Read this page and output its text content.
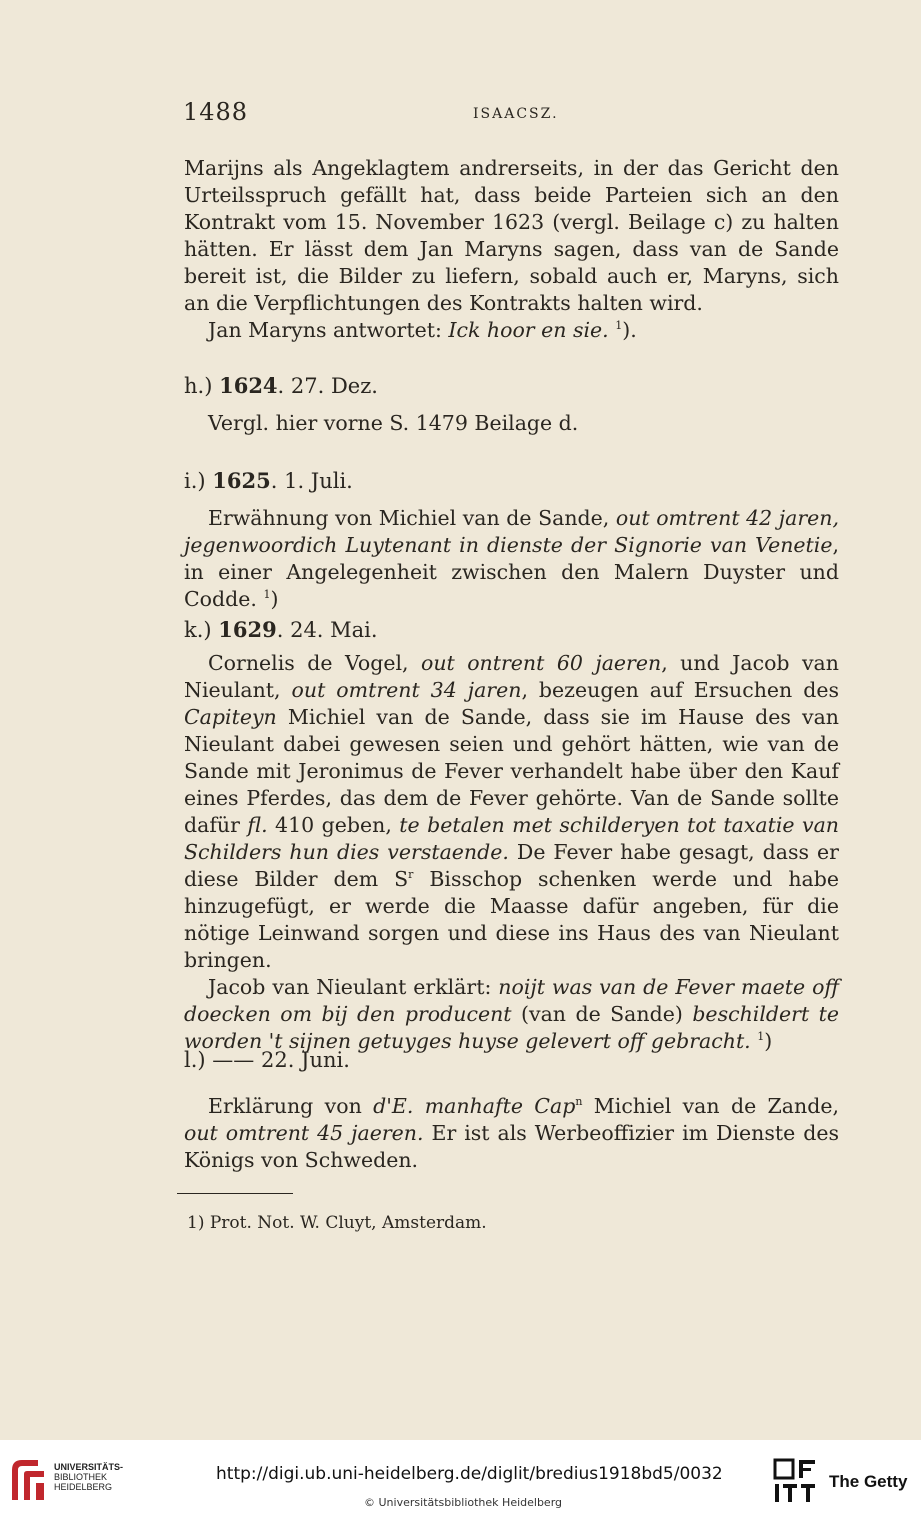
1488	ISAACSZ.

Marijns als Angeklagtem andrerseits, in der das Gericht den Urteilsspruch gefällt hat, dass beide Parteien sich an den Kontrakt vom 15. November 1623 (vergl. Beilage c) zu halten hätten. Er lässt dem Jan Maryns sagen, dass van de Sande bereit ist, die Bilder zu liefern, sobald auch er, Maryns, sich an die Verpflichtungen des Kontrakts halten wird.

Jan Maryns antwortet: Ick hoor en sie. $^1$).

h.) 1624. 27. Dez.

Vergl. hier vorne S. 1479 Beilage d.

i.) 1625. 1. Juli.

Erwähnung von Michiel van de Sande, out omtrent 42 jaren, jegenwoordich Luytenant in dienste der Signorie van Venetie, in einer Angelegenheit zwischen den Malern Duyster und Codde. $^1$)

k.) 1629. 24. Mai.

Cornelis de Vogel, out ontrent 60 jaeren, und Jacob van Nieulant, out omtrent 34 jaren, bezeugen auf Ersuchen des Capiteyn Michiel van de Sande, dass sie im Hause des van Nieulant dabei gewesen seien und gehört hätten, wie van de Sande mit Jeronimus de Fever verhandelt habe über den Kauf eines Pferdes, das dem de Fever gehörte. Van de Sande sollte dafür fl. 410 geben, te betalen met schilderyen tot taxatie van Schilders hun dies verstaende. De Fever habe gesagt, dass er diese Bilder dem $S^r$ Bisschop schenken werde und habe hinzugefügt, er werde die Maasse dafür angeben, für die nötige Leinwand sorgen und diese ins Haus des van Nieulant bringen.

Jacob van Nieulant erklärt: noijt was van de Fever maete off doecken om bij den producent (van de Sande) beschildert te worden 't sijnen getuyges huyse gelevert off gebracht. $^1$)

l.) —— 22. Juni.

Erklärung von d'E. manhafte Cap$^n$ Michiel van de Zande, out omtrent 45 jaeren. Er ist als Werbeoffizier im Dienste des Königs von Schweden.

1) Prot. Not. W. Cluyt, Amsterdam.
UNIVERSITÄTS-
BIBLIOTHEK
HEIDELBERG
http://digi.ub.uni-heidelberg.de/diglit/bredius1918bd5/0032
© Universitätsbibliothek Heidelberg
The Getty
